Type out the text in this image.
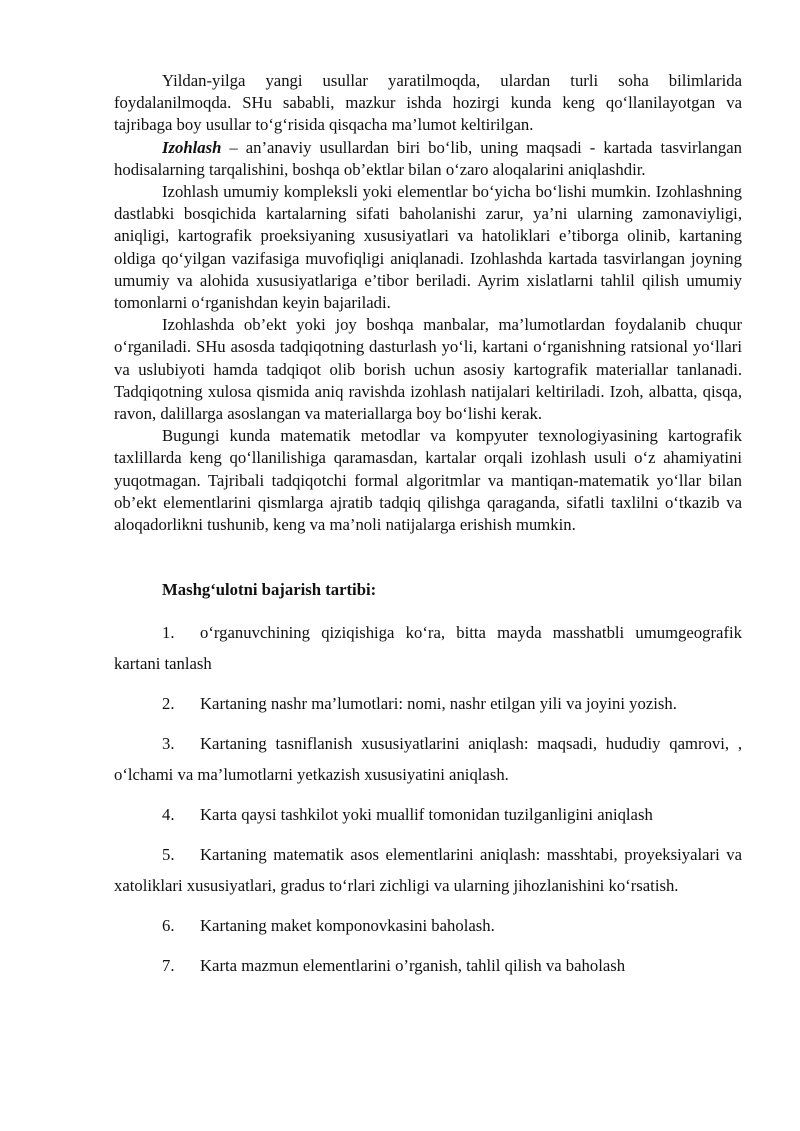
Yildan-yilga yangi usullar yaratilmoqda, ulardan turli soha bilimlarida foydalanilmoqda. SHu sababli, mazkur ishda hozirgi kunda keng qo‘llanilayotgan va tajribaga boy usullar to‘g‘risida qisqacha ma’lumot keltirilgan.

Izohlash – an’anaviy usullardan biri bo‘lib, uning maqsadi - kartada tasvirlangan hodisalarning tarqalishini, boshqa ob’ektlar bilan o‘zaro aloqalarini aniqlashdir.

Izohlash umumiy kompleksli yoki elementlar bo‘yicha bo‘lishi mumkin. Izohlashning dastlabki bosqichida kartalarning sifati baholanishi zarur, ya’ni ularning zamonaviyligi, aniqligi, kartografik proeksiyaning xususiyatlari va hatoliklari e’tiborga olinib, kartaning oldiga qo‘yilgan vazifasiga muvofiqligi aniqlanadi. Izohlashda kartada tasvirlangan joyning umumiy va alohida xususiyatlariga e’tibor beriladi. Ayrim xislatlarni tahlil qilish umumiy tomonlarni o‘rganishdan keyin bajariladi.

Izohlashda ob’ekt yoki joy boshqa manbalar, ma’lumotlardan foydalanib chuqur o‘rganiladi. SHu asosda tadqiqotning dasturlash yo‘li, kartani o‘rganishning ratsional yo‘llari va uslubiyoti hamda tadqiqot olib borish uchun asosiy kartografik materiallar tanlanadi. Tadqiqotning xulosa qismida aniq ravishda izohlash natijalari keltiriladi. Izoh, albatta, qisqa, ravon, dalillarga asoslangan va materiallarga boy bo‘lishi kerak.

Bugungi kunda matematik metodlar va kompyuter texnologiyasining kartografik taxlillarda keng qo‘llanilishiga qaramasdan, kartalar orqali izohlash usuli o‘z ahamiyatini yuqotmagan. Tajribali tadqiqotchi formal algoritmlar va mantiqan-matematik yo‘llar bilan ob’ekt elementlarini qismlarga ajratib tadqiq qilishga qaraganda, sifatli taxlilni o‘tkazib va aloqadorlikni tushunib, keng va ma’noli natijalarga erishish mumkin.

Mashg‘ulotni bajarish tartibi:

1. o‘rganuvchining qiziqishiga ko‘ra, bitta mayda masshatbli umumgeografik kartani tanlash

2. Kartaning nashr ma’lumotlari: nomi, nashr etilgan yili va joyini yozish.

3. Kartaning tasniflanish xususiyatlarini aniqlash: maqsadi, hududiy qamrovi, , o‘lchami va ma’lumotlarni yetkazish xususiyatini aniqlash.

4. Karta qaysi tashkilot yoki muallif tomonidan tuzilganligini aniqlash

5. Kartaning matematik asos elementlarini aniqlash: masshtabi, proyeksiyalari va xatoliklari xususiyatlari, gradus to‘rlari zichligi va ularning jihozlanishini ko‘rsatish.

6. Kartaning maket komponovkasini baholash.

7. Karta mazmun elementlarini o’rganish, tahlil qilish va baholash
